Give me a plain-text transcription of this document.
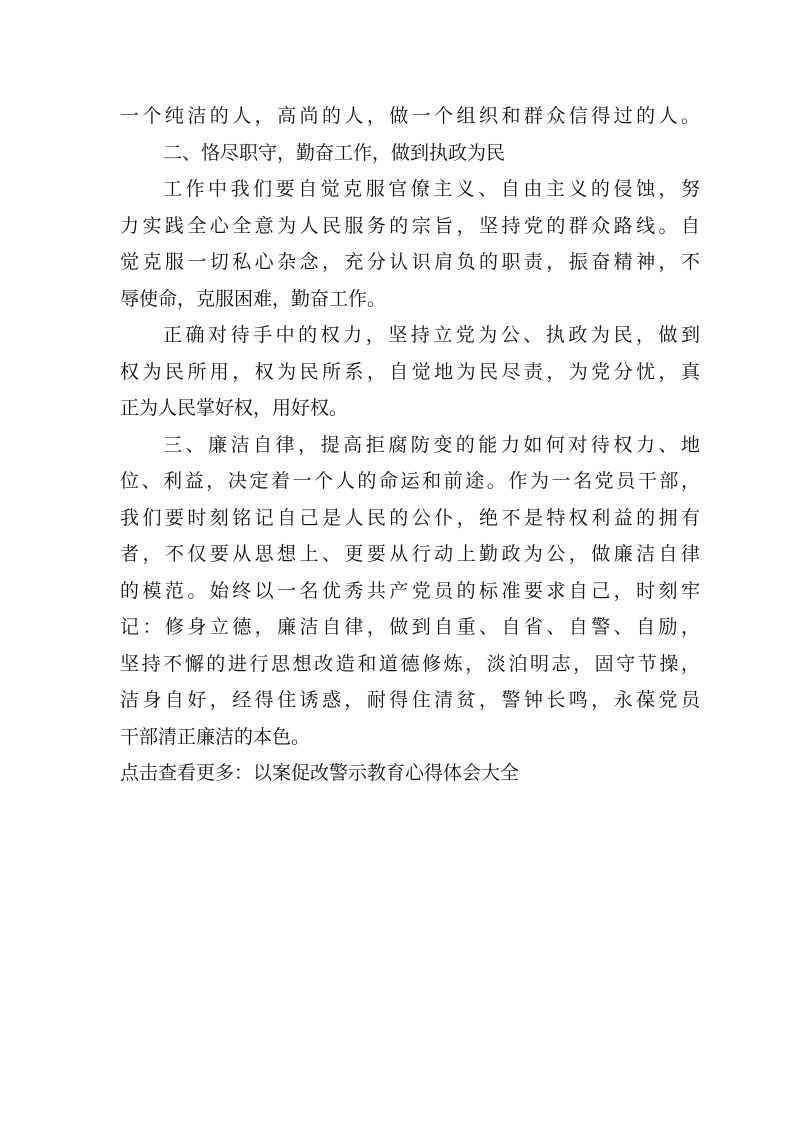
一个纯洁的人，高尚的人，做一个组织和群众信得过的人。
二、恪尽职守，勤奋工作，做到执政为民
工作中我们要自觉克服官僚主义、自由主义的侵蚀，努
力实践全心全意为人民服务的宗旨，坚持党的群众路线。自
觉克服一切私心杂念，充分认识肩负的职责，振奋精神，不
辱使命，克服困难，勤奋工作。
正确对待手中的权力，坚持立党为公、执政为民，做到
权为民所用，权为民所系，自觉地为民尽责，为党分忧，真
正为人民掌好权，用好权。
三、廉洁自律，提高拒腐防变的能力如何对待权力、地
位、利益，决定着一个人的命运和前途。作为一名党员干部，
我们要时刻铭记自己是人民的公仆，绝不是特权利益的拥有
者，不仅要从思想上、更要从行动上勤政为公，做廉洁自律
的模范。始终以一名优秀共产党员的标准要求自己，时刻牢
记：修身立德，廉洁自律，做到自重、自省、自警、自励，
坚持不懈的进行思想改造和道德修炼，淡泊明志，固守节操，
洁身自好，经得住诱惑，耐得住清贫，警钟长鸣，永葆党员
干部清正廉洁的本色。
点击查看更多：以案促改警示教育心得体会大全
